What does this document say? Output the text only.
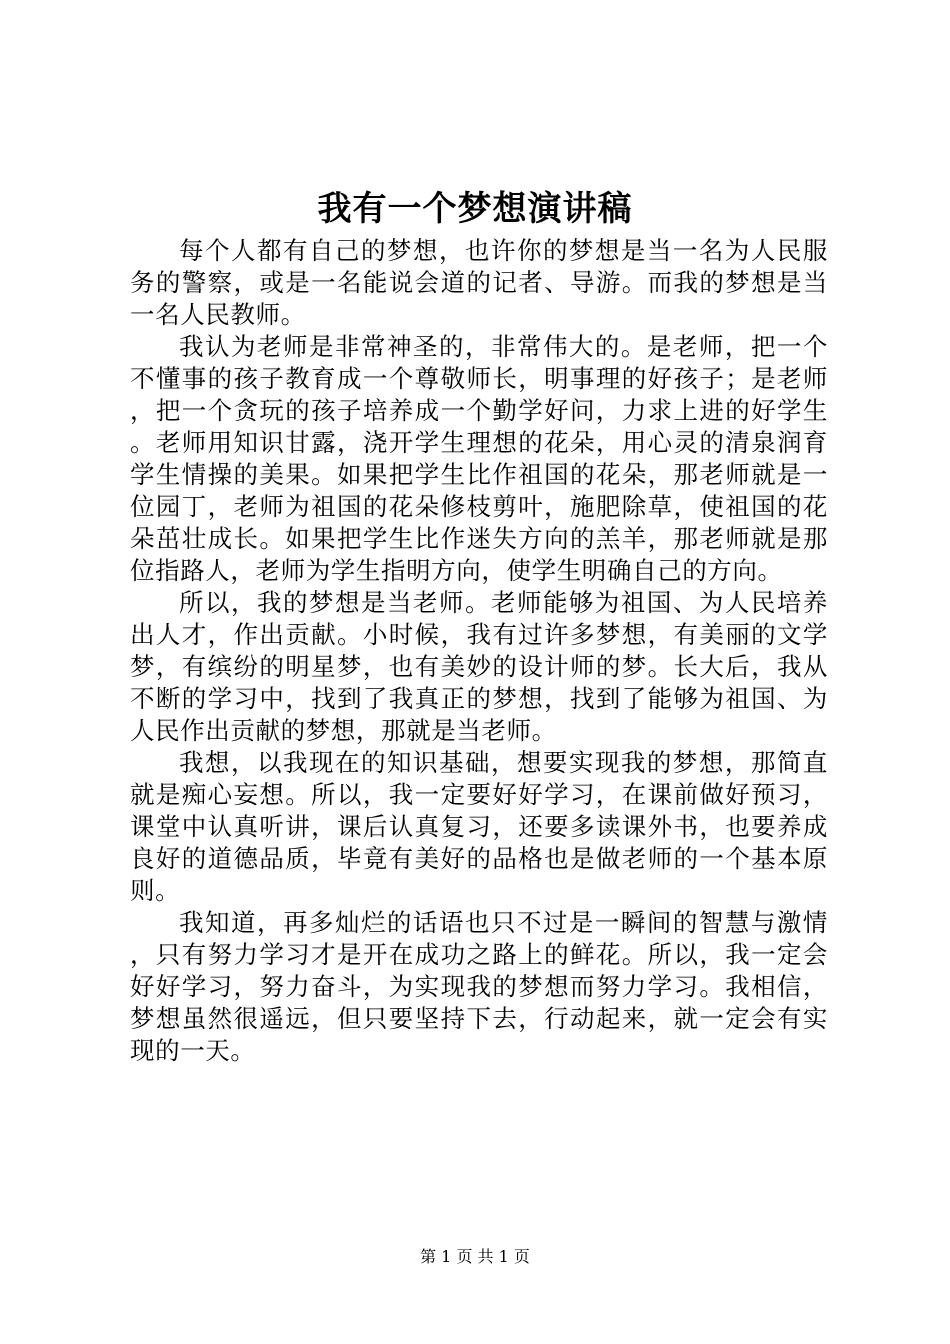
我有一个梦想演讲稿

每个人都有自己的梦想，也许你的梦想是当一名为人民服务的警察，或是一名能说会道的记者、导游。而我的梦想是当一名人民教师。

我认为老师是非常神圣的，非常伟大的。是老师，把一个不懂事的孩子教育成一个尊敬师长，明事理的好孩子；是老师，把一个贪玩的孩子培养成一个勤学好问，力求上进的好学生。老师用知识甘露，浇开学生理想的花朵，用心灵的清泉润育学生情操的美果。如果把学生比作祖国的花朵，那老师就是一位园丁，老师为祖国的花朵修枝剪叶，施肥除草，使祖国的花朵茁壮成长。如果把学生比作迷失方向的羔羊，那老师就是那位指路人，老师为学生指明方向，使学生明确自己的方向。

所以，我的梦想是当老师。老师能够为祖国、为人民培养出人才，作出贡献。小时候，我有过许多梦想，有美丽的文学梦，有缤纷的明星梦，也有美妙的设计师的梦。长大后，我从不断的学习中，找到了我真正的梦想，找到了能够为祖国、为人民作出贡献的梦想，那就是当老师。

我想，以我现在的知识基础，想要实现我的梦想，那简直就是痴心妄想。所以，我一定要好好学习，在课前做好预习，课堂中认真听讲，课后认真复习，还要多读课外书，也要养成良好的道德品质，毕竟有美好的品格也是做老师的一个基本原则。

我知道，再多灿烂的话语也只不过是一瞬间的智慧与激情，只有努力学习才是开在成功之路上的鲜花。所以，我一定会好好学习，努力奋斗，为实现我的梦想而努力学习。我相信，梦想虽然很遥远，但只要坚持下去，行动起来，就一定会有实现的一天。

第 1 页 共 1 页
